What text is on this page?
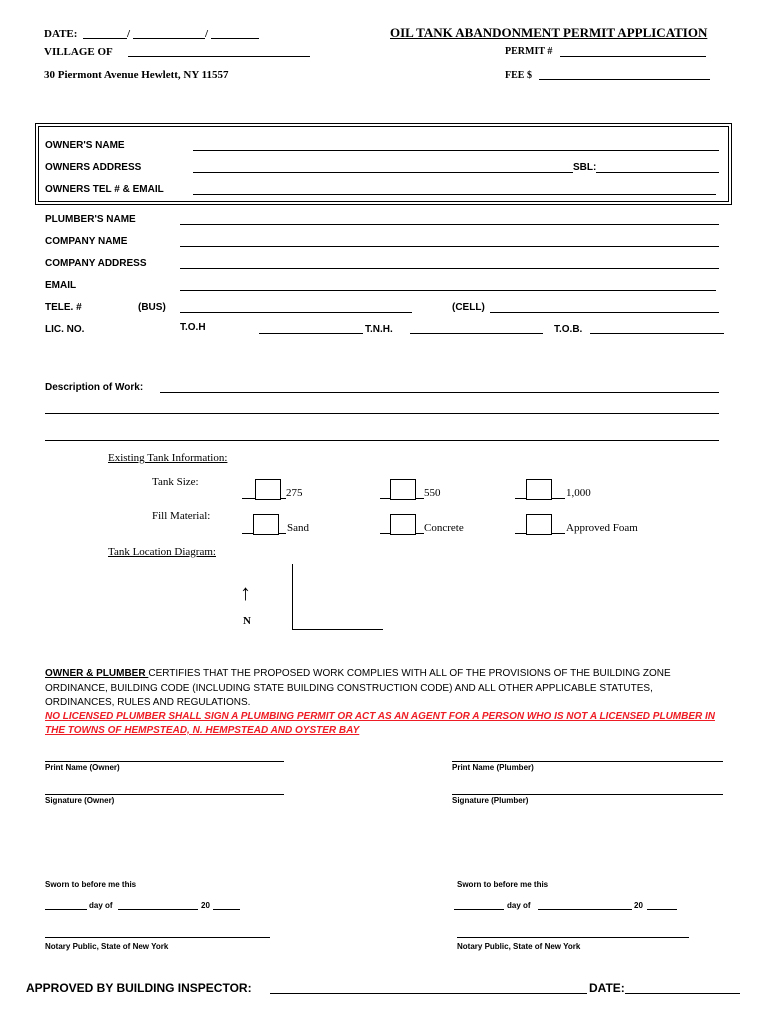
DATE:	/	/
VILLAGE OF
30 Piermont Avenue Hewlett, NY 11557
OIL TANK ABANDONMENT PERMIT APPLICATION
PERMIT #
FEE $
OWNER'S NAME
OWNERS ADDRESS	SBL:
OWNERS TEL # & EMAIL
PLUMBER'S NAME
COMPANY NAME
COMPANY ADDRESS
EMAIL
TELE. #	(BUS)	(CELL)
LIC. NO.	T.O.H	T.N.H.	T.O.B.
Description of Work:
Existing Tank Information:
Tank Size:
275	550	1,000
Fill Material:
Sand	Concrete	Approved Foam
Tank Location Diagram:
↑
N
OWNER & PLUMBER CERTIFIES THAT THE PROPOSED WORK COMPLIES WITH ALL OF THE PROVISIONS OF THE BUILDING ZONE
ORDINANCE, BUILDING CODE (INCLUDING STATE BUILDING CONSTRUCTION CODE) AND ALL OTHER APPLICABLE STATUTES,
ORDINANCES, RULES AND REGULATIONS.
NO LICENSED PLUMBER SHALL SIGN A PLUMBING PERMIT OR ACT AS AN AGENT FOR A PERSON WHO IS NOT A LICENSED PLUMBER IN
THE TOWNS OF HEMPSTEAD, N. HEMPSTEAD AND OYSTER BAY
Print Name (Owner)	Print Name (Plumber)
Signature (Owner)	Signature (Plumber)
Sworn to before me this	Sworn to before me this
day of	20	day of	20
Notary Public, State of New York	Notary Public, State of New York
APPROVED BY BUILDING INSPECTOR:	DATE:
